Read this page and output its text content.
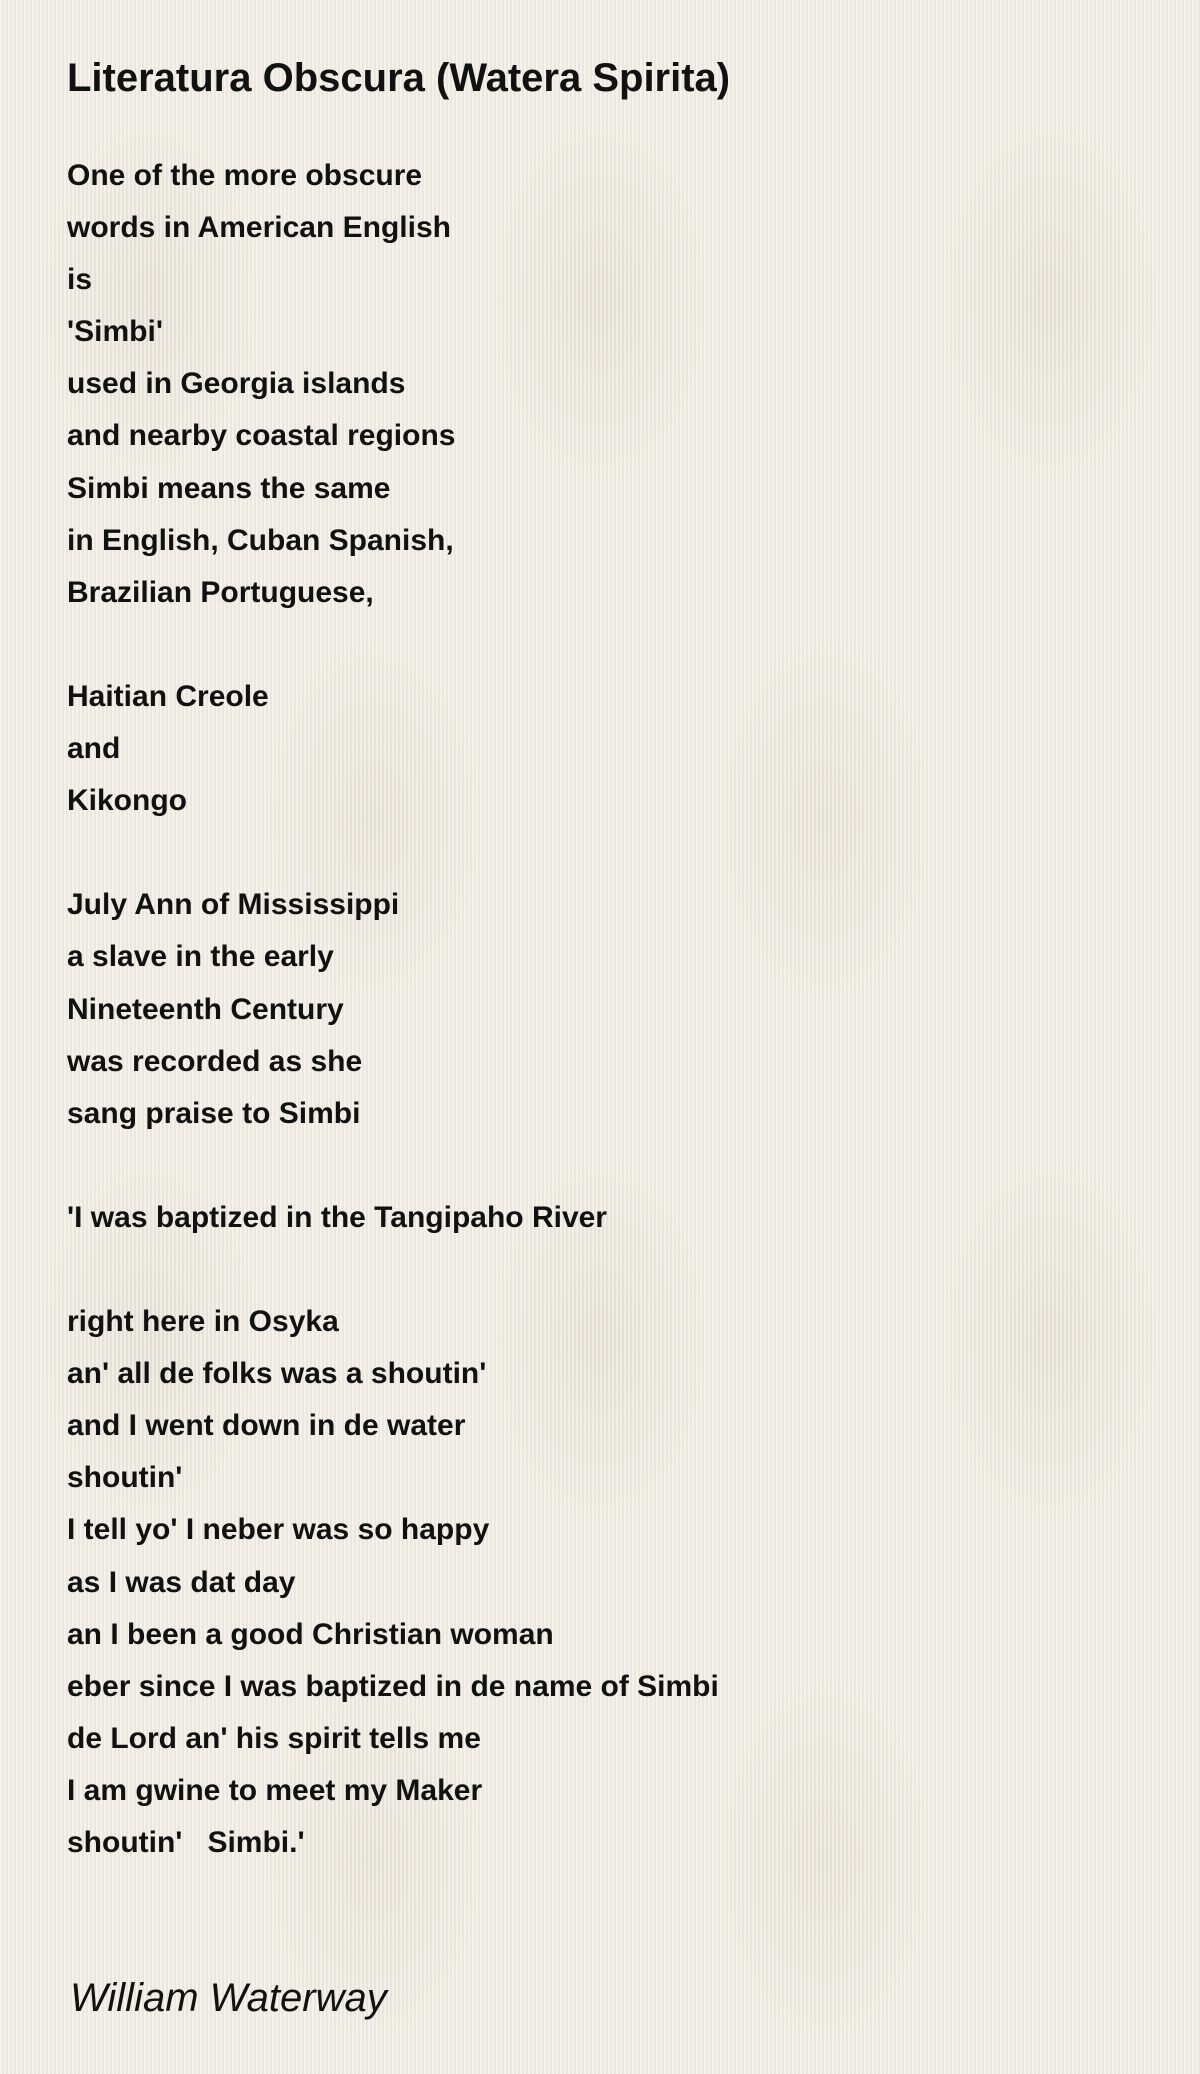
Literatura Obscura (Watera Spirita)
One of the more obscure
words in American English
is
'Simbi'
used in Georgia islands
and nearby coastal regions
Simbi means the same
in English, Cuban Spanish,
Brazilian Portuguese,
Haitian Creole
and
Kikongo
July Ann of Mississippi
a slave in the early
Nineteenth Century
was recorded as she
sang praise to Simbi
'I was baptized in the Tangipaho River
right here in Osyka
an' all de folks was a shoutin'
and I went down in de water
shoutin'
I tell yo' I neber was so happy
as I was dat day
an I been a good Christian woman
eber since I was baptized in de name of Simbi
de Lord an' his spirit tells me
I am gwine to meet my Maker
shoutin'   Simbi.'
William Waterway
